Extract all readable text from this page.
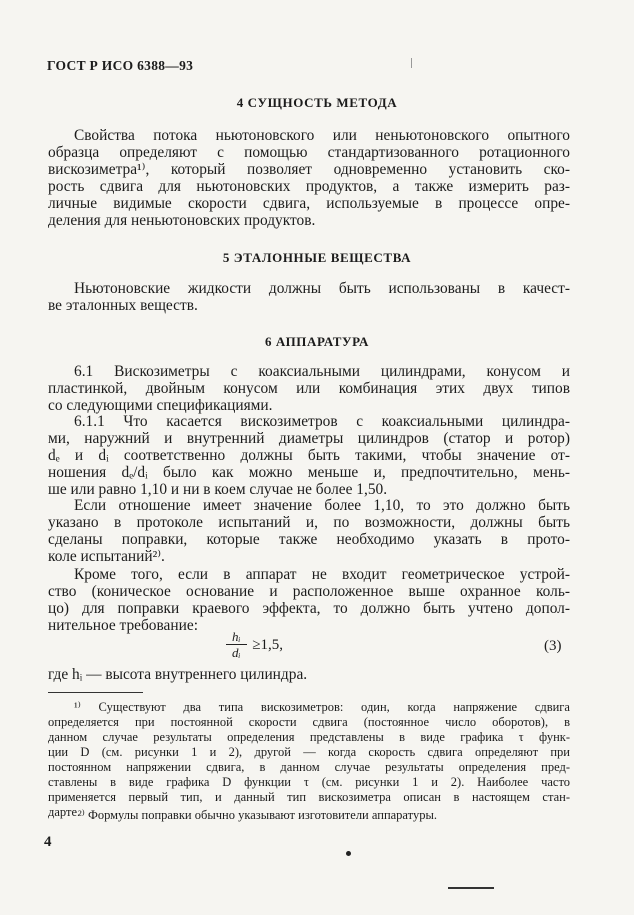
ГОСТ Р ИСО 6388—93
4 СУЩНОСТЬ МЕТОДА
Свойства потока ньютоновского или неньютоновского опытного
образца определяют с помощью стандартизованного ротационного
вискозиметра¹⁾, который позволяет одновременно установить ско-
рость сдвига для ньютоновских продуктов, а также измерить раз-
личные видимые скорости сдвига, используемые в процессе опре-
деления для неньютоновских продуктов.
5 ЭТАЛОННЫЕ ВЕЩЕСТВА
Ньютоновские жидкости должны быть использованы в качест-
ве эталонных веществ.
6 АППАРАТУРА
6.1 Вискозиметры с коаксиальными цилиндрами, конусом и
пластинкой, двойным конусом или комбинация этих двух типов
со следующими спецификациями.
6.1.1 Что касается вискозиметров с коаксиальными цилиндра-
ми, наружний и внутренний диаметры цилиндров (статор и ротор)
dₑ и dᵢ соответственно должны быть такими, чтобы значение от-
ношения dₑ/dᵢ было как можно меньше и, предпочтительно, мень-
ше или равно 1,10 и ни в коем случае не более 1,50.
Если отношение имеет значение более 1,10, то это должно быть
указано в протоколе испытаний и, по возможности, должны быть
сделаны поправки, которые также необходимо указать в прото-
коле испытаний²⁾.
Кроме того, если в аппарат не входит геометрическое устрой-
ство (коническое основание и расположенное выше охранное коль-
цо) для поправки краевого эффекта, то должно быть учтено допол-
нительное требование:
$\frac{\text{hᵢ}}{\text{dᵢ}} \ge 1,5$,	(3)
где hᵢ — высота внутреннего цилиндра.
¹⁾ Существуют два типа вискозиметров: один, когда напряжение сдвига
определяется при постоянной скорости сдвига (постоянное число оборотов), в
данном случае результаты определения представлены в виде графика τ функ-
ции D (см. рисунки 1 и 2), другой — когда скорость сдвига определяют при
постоянном напряжении сдвига, в данном случае результаты определения пред-
ставлены в виде графика D функции τ (см. рисунки 1 и 2). Наиболее часто
применяется первый тип, и данный тип вискозиметра описан в настоящем стан-
дарте.
²⁾ Формулы поправки обычно указывают изготовители аппаратуры.
4
